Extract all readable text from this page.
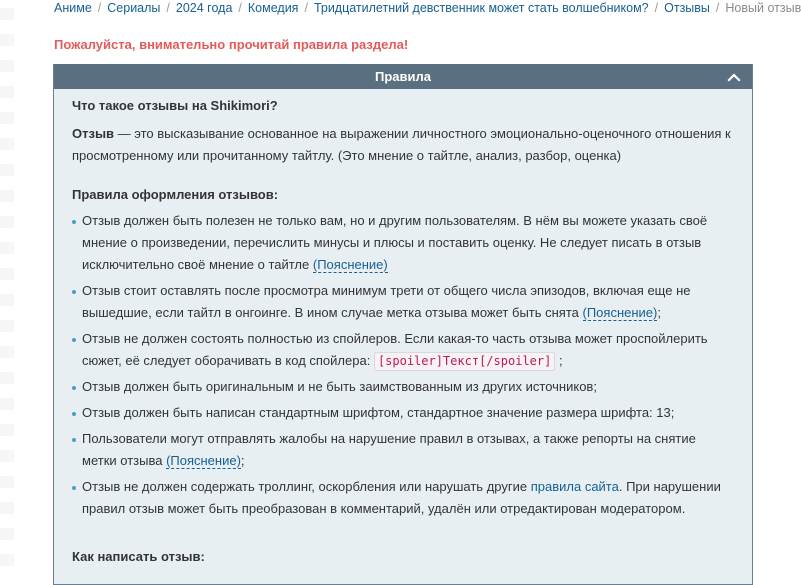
Аниме / Сериалы / 2024 года / Комедия / Тридцатилетний девственник может стать волшебником? / Отзывы / Новый отзыв
Пожалуйста, внимательно прочитай правила раздела!
Правила

Что такое отзывы на Shikimori?

Отзыв — это высказывание основанное на выражении личностного эмоционально-оценочного отношения к просмотренному или прочитанному тайтлу. (Это мнение о тайтле, анализ, разбор, оценка)

Правила оформления отзывов:

Отзыв должен быть полезен не только вам, но и другим пользователям. В нём вы можете указать своё мнение о произведении, перечислить минусы и плюсы и поставить оценку. Не следует писать в отзыв исключительно своё мнение о тайтле (Пояснение)
Отзыв стоит оставлять после просмотра минимум трети от общего числа эпизодов, включая еще не вышедшие, если тайтл в онгоинге. В ином случае метка отзыва может быть снята (Пояснение);
Отзыв не должен состоять полностью из спойлеров. Если какая-то часть отзыва может проспойлерить сюжет, её следует оборачивать в код спойлера: [spoiler]Текст[/spoiler] ;
Отзыв должен быть оригинальным и не быть заимствованным из других источников;
Отзыв должен быть написан стандартным шрифтом, стандартное значение размера шрифта: 13;
Пользователи могут отправлять жалобы на нарушение правил в отзывах, а также репорты на снятие метки отзыва (Пояснение);
Отзыв не должен содержать троллинг, оскорбления или нарушать другие правила сайта. При нарушении правил отзыв может быть преобразован в комментарий, удалён или отредактирован модератором.

Как написать отзыв:
